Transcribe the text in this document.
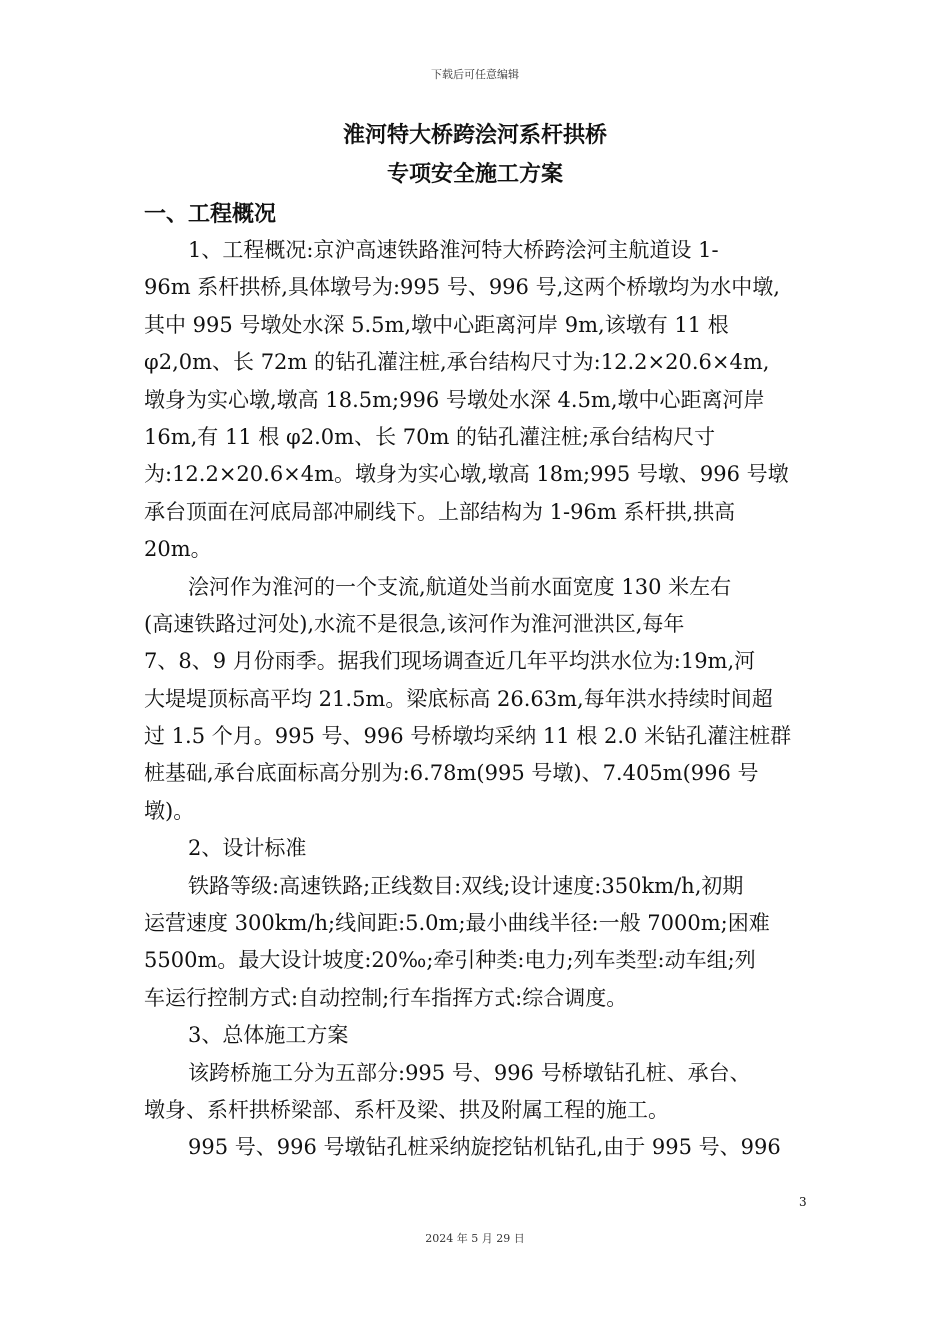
下载后可任意编辑
淮河特大桥跨浍河系杆拱桥
专项安全施工方案
一、工程概况
1、工程概况:京沪高速铁路淮河特大桥跨浍河主航道设 1-
96m 系杆拱桥,具体墩号为:995 号、996 号,这两个桥墩均为水中墩,
其中 995 号墩处水深 5.5m,墩中心距离河岸 9m,该墩有 11 根
φ2,0m、长 72m 的钻孔灌注桩,承台结构尺寸为:12.2×20.6×4m,
墩身为实心墩,墩高 18.5m;996 号墩处水深 4.5m,墩中心距离河岸
16m,有 11 根 φ2.0m、长 70m 的钻孔灌注桩;承台结构尺寸
为:12.2×20.6×4m。墩身为实心墩,墩高 18m;995 号墩、996 号墩
承台顶面在河底局部冲刷线下。上部结构为 1-96m 系杆拱,拱高
20m。
浍河作为淮河的一个支流,航道处当前水面宽度 130 米左右
(高速铁路过河处),水流不是很急,该河作为淮河泄洪区,每年
7、8、9 月份雨季。据我们现场调查近几年平均洪水位为:19m,河
大堤堤顶标高平均 21.5m。梁底标高 26.63m,每年洪水持续时间超
过 1.5 个月。995 号、996 号桥墩均采纳 11 根 2.0 米钻孔灌注桩群
桩基础,承台底面标高分别为:6.78m(995 号墩)、7.405m(996 号
墩)。
2、设计标准
铁路等级:高速铁路;正线数目:双线;设计速度:350km/h,初期
运营速度 300km/h;线间距:5.0m;最小曲线半径:一般 7000m;困难
5500m。最大设计坡度:20‰;牵引种类:电力;列车类型:动车组;列
车运行控制方式:自动控制;行车指挥方式:综合调度。
3、总体施工方案
该跨桥施工分为五部分:995 号、996 号桥墩钻孔桩、承台、
墩身、系杆拱桥梁部、系杆及梁、拱及附属工程的施工。
995 号、996 号墩钻孔桩采纳旋挖钻机钻孔,由于 995 号、996
3
2024 年 5 月 29 日
